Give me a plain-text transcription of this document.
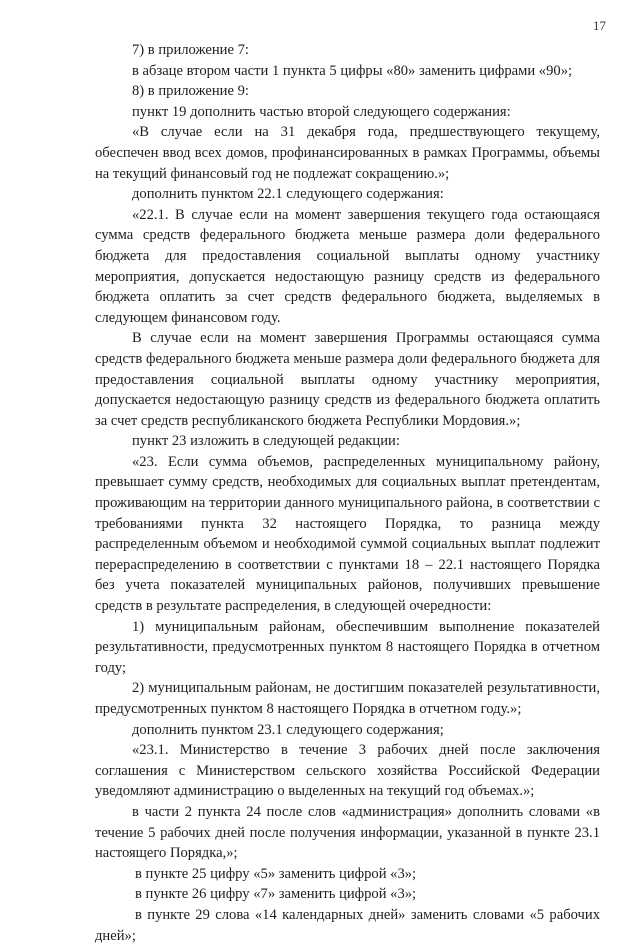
17

7) в приложение 7:

в абзаце втором части 1 пункта 5 цифры «80» заменить цифрами «90»;

8) в приложение 9:

пункт 19 дополнить частью второй следующего содержания:

«В случае если на 31 декабря года, предшествующего текущему, обеспечен ввод всех домов, профинансированных в рамках Программы, объемы на текущий финансовый год не подлежат сокращению.»;

дополнить пунктом 22.1 следующего содержания:

«22.1. В случае если на момент завершения текущего года остающаяся сумма средств федерального бюджета меньше размера доли федерального бюджета для предоставления социальной выплаты одному участнику мероприятия, допускается недостающую разницу средств из федерального бюджета оплатить за счет средств федерального бюджета, выделяемых в следующем финансовом году.

В случае если на момент завершения Программы остающаяся сумма средств федерального бюджета меньше размера доли федерального бюджета для предоставления социальной выплаты одному участнику мероприятия, допускается недостающую разницу средств из федерального бюджета оплатить за счет средств республиканского бюджета Республики Мордовия.»;

пункт 23 изложить в следующей редакции:

«23. Если сумма объемов, распределенных муниципальному району, превышает сумму средств, необходимых для социальных выплат претендентам, проживающим на территории данного муниципального района, в соответствии с требованиями пункта 32 настоящего Порядка, то разница между распределенным объемом и необходимой суммой социальных выплат подлежит перераспределению в соответствии с пунктами 18 – 22.1 настоящего Порядка без учета показателей муниципальных районов, получивших превышение средств в результате распределения, в следующей очередности:

1) муниципальным районам, обеспечившим выполнение показателей результативности, предусмотренных пунктом 8 настоящего Порядка в отчетном году;

2) муниципальным районам, не достигшим показателей результативности, предусмотренных пунктом 8 настоящего Порядка в отчетном году.»;

дополнить пунктом 23.1 следующего содержания;

«23.1. Министерство в течение 3 рабочих дней после заключения соглашения с Министерством сельского хозяйства Российской Федерации уведомляют администрацию о выделенных на текущий год объемах.»;

в части 2 пункта 24 после слов «администрация» дополнить словами «в течение 5 рабочих дней после получения информации, указанной в пункте 23.1 настоящего Порядка,»;

в пункте 25 цифру «5» заменить цифрой «3»;

в пункте 26 цифру «7» заменить цифрой «3»;

в пункте 29 слова «14 календарных дней» заменить словами «5 рабочих дней»;
